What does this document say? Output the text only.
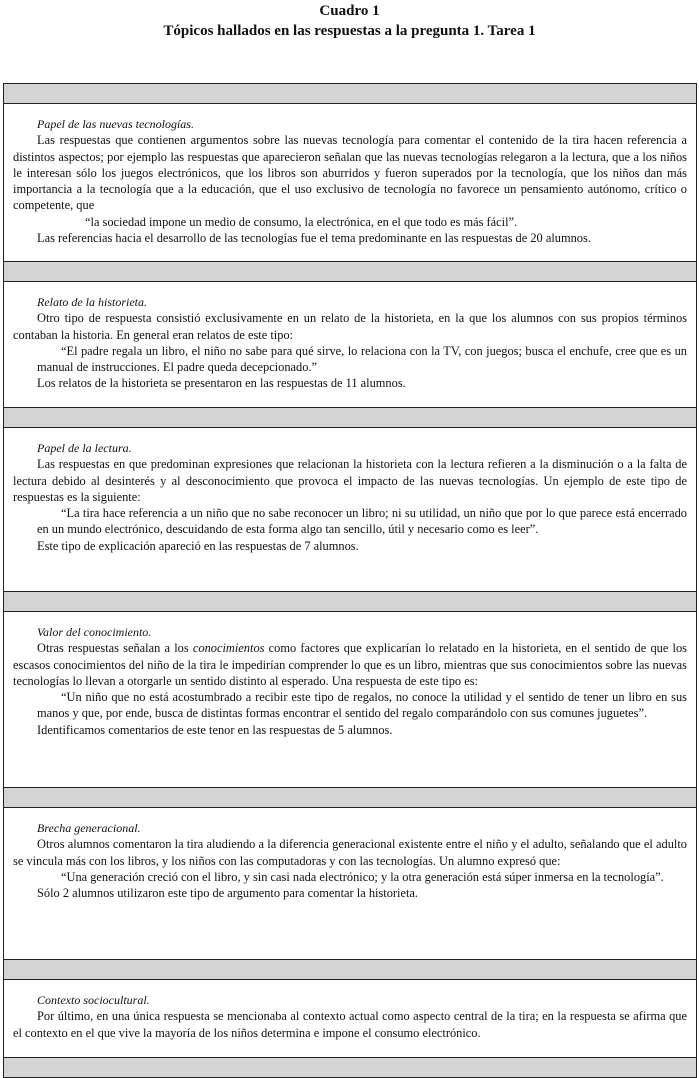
Cuadro 1
Tópicos hallados en las respuestas a la pregunta 1. Tarea 1
Papel de las nuevas tecnologías.
Las respuestas que contienen argumentos sobre las nuevas tecnología para comentar el contenido de la tira hacen referencia a distintos aspectos; por ejemplo las respuestas que aparecieron señalan que las nuevas tecnologías relegaron a la lectura, que a los niños le interesan sólo los juegos electrónicos, que los libros son aburridos y fueron superados por la tecnología, que los niños dan más importancia a la tecnología que a la educación, que el uso exclusivo de tecnología no favorece un pensamiento autónomo, crítico o competente, que
“la sociedad impone un medio de consumo, la electrónica, en el que todo es más fácil”.
Las referencias hacia el desarrollo de las tecnologías fue el tema predominante en las respuestas de 20 alumnos.
Relato de la historieta.
Otro tipo de respuesta consistió exclusivamente en un relato de la historieta, en la que los alumnos con sus propios términos contaban la historia. En general eran relatos de este tipo:
“El padre regala un libro, el niño no sabe para qué sirve, lo relaciona con la TV, con juegos; busca el enchufe, cree que es un manual de instrucciones. El padre queda decepcionado.”
Los relatos de la historieta se presentaron en las respuestas de 11 alumnos.
Papel de la lectura.
Las respuestas en que predominan expresiones que relacionan la historieta con la lectura refieren a la disminución o a la falta de lectura debido al desinterés y al desconocimiento que provoca el impacto de las nuevas tecnologías. Un ejemplo de este tipo de respuestas es la siguiente:
“La tira hace referencia a un niño que no sabe reconocer un libro; ni su utilidad, un niño que por lo que parece está encerrado en un mundo electrónico, descuidando de esta forma algo tan sencillo, útil y necesario como es leer”.
Este tipo de explicación apareció en las respuestas de 7 alumnos.
Valor del conocimiento.
Otras respuestas señalan a los conocimientos como factores que explicarían lo relatado en la historieta, en el sentido de que los escasos conocimientos del niño de la tira le impedirían comprender lo que es un libro, mientras que sus conocimientos sobre las nuevas tecnologías lo llevan a otorgarle un sentido distinto al esperado. Una respuesta de este tipo es:
“Un niño que no está acostumbrado a recibir este tipo de regalos, no conoce la utilidad y el sentido de tener un libro en sus manos y que, por ende, busca de distintas formas encontrar el sentido del regalo comparándolo con sus comunes juguetes”.
Identificamos comentarios de este tenor en las respuestas de 5 alumnos.
Brecha generacional.
Otros alumnos comentaron la tira aludiendo a la diferencia generacional existente entre el niño y el adulto, señalando que el adulto se vincula más con los libros, y los niños con las computadoras y con las tecnologías. Un alumno expresó que:
“Una generación creció con el libro, y sin casi nada electrónico; y la otra generación está súper inmersa en la tecnología”.
Sólo 2 alumnos utilizaron este tipo de argumento para comentar la historieta.
Contexto sociocultural.
Por último, en una única respuesta se mencionaba al contexto actual como aspecto central de la tira; en la respuesta se afirma que el contexto en el que vive la mayoría de los niños determina e impone el consumo electrónico.
